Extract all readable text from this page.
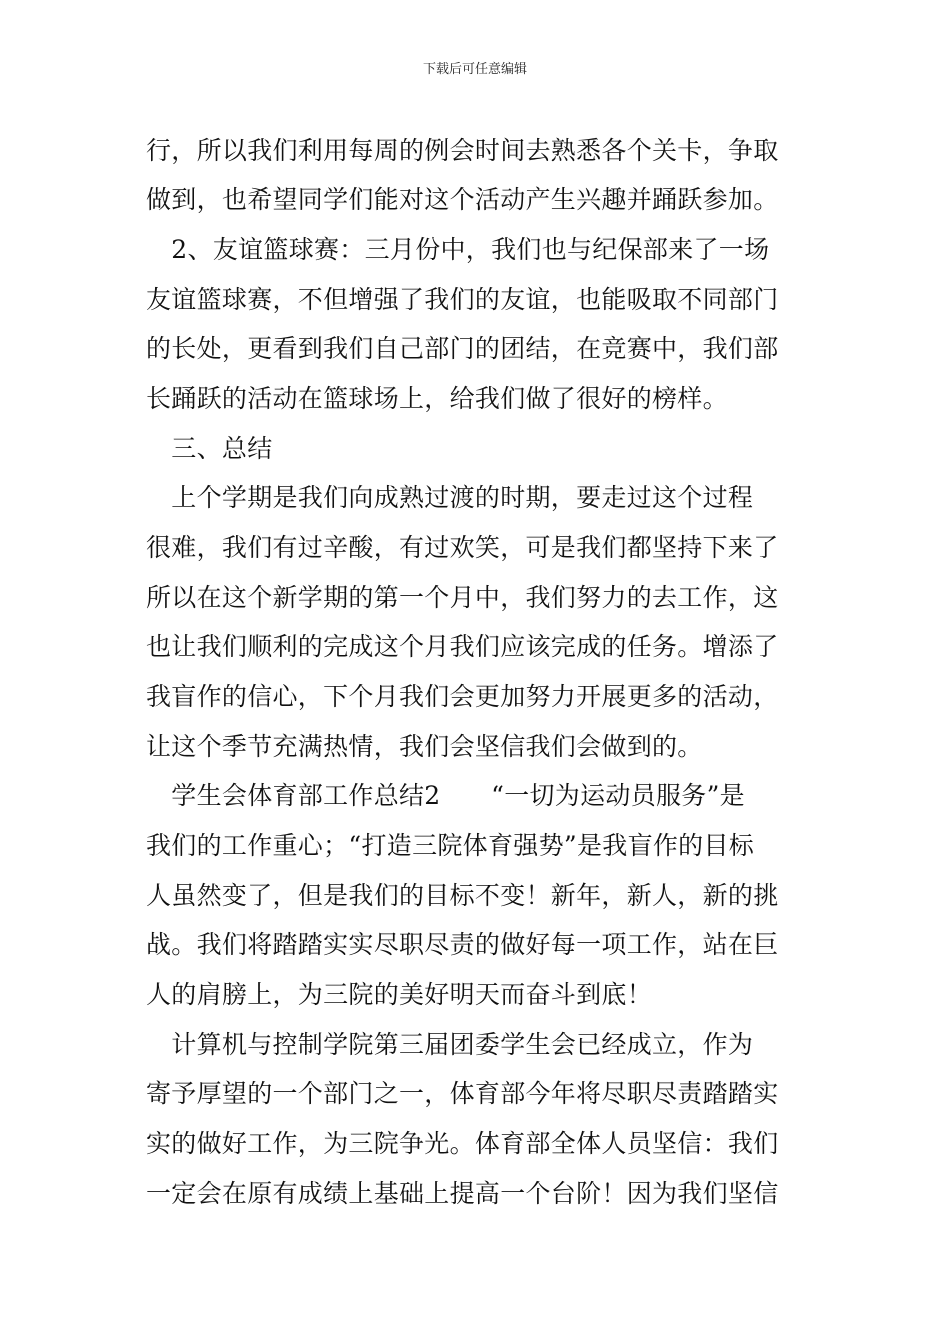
下载后可任意编辑
行，所以我们利用每周的例会时间去熟悉各个关卡，争取
做到，也希望同学们能对这个活动产生兴趣并踊跃参加。
　2、友谊篮球赛：三月份中，我们也与纪保部来了一场
友谊篮球赛，不但增强了我们的友谊，也能吸取不同部门
的长处，更看到我们自己部门的团结，在竞赛中，我们部
长踊跃的活动在篮球场上，给我们做了很好的榜样。
　三、总结
　上个学期是我们向成熟过渡的时期，要走过这个过程
很难，我们有过辛酸，有过欢笑，可是我们都坚持下来了
所以在这个新学期的第一个月中，我们努力的去工作，这
也让我们顺利的完成这个月我们应该完成的任务。增添了
我盲作的信心，下个月我们会更加努力开展更多的活动，
让这个季节充满热情，我们会坚信我们会做到的。
　学生会体育部工作总结2　　“一切为运动员服务”是
我们的工作重心；“打造三院体育强势”是我盲作的目标
人虽然变了，但是我们的目标不变！新年，新人，新的挑
战。我们将踏踏实实尽职尽责的做好每一项工作，站在巨
人的肩膀上，为三院的美好明天而奋斗到底！
　计算机与控制学院第三届团委学生会已经成立，作为
寄予厚望的一个部门之一，体育部今年将尽职尽责踏踏实
实的做好工作，为三院争光。体育部全体人员坚信：我们
一定会在原有成绩上基础上提高一个台阶！因为我们坚信
